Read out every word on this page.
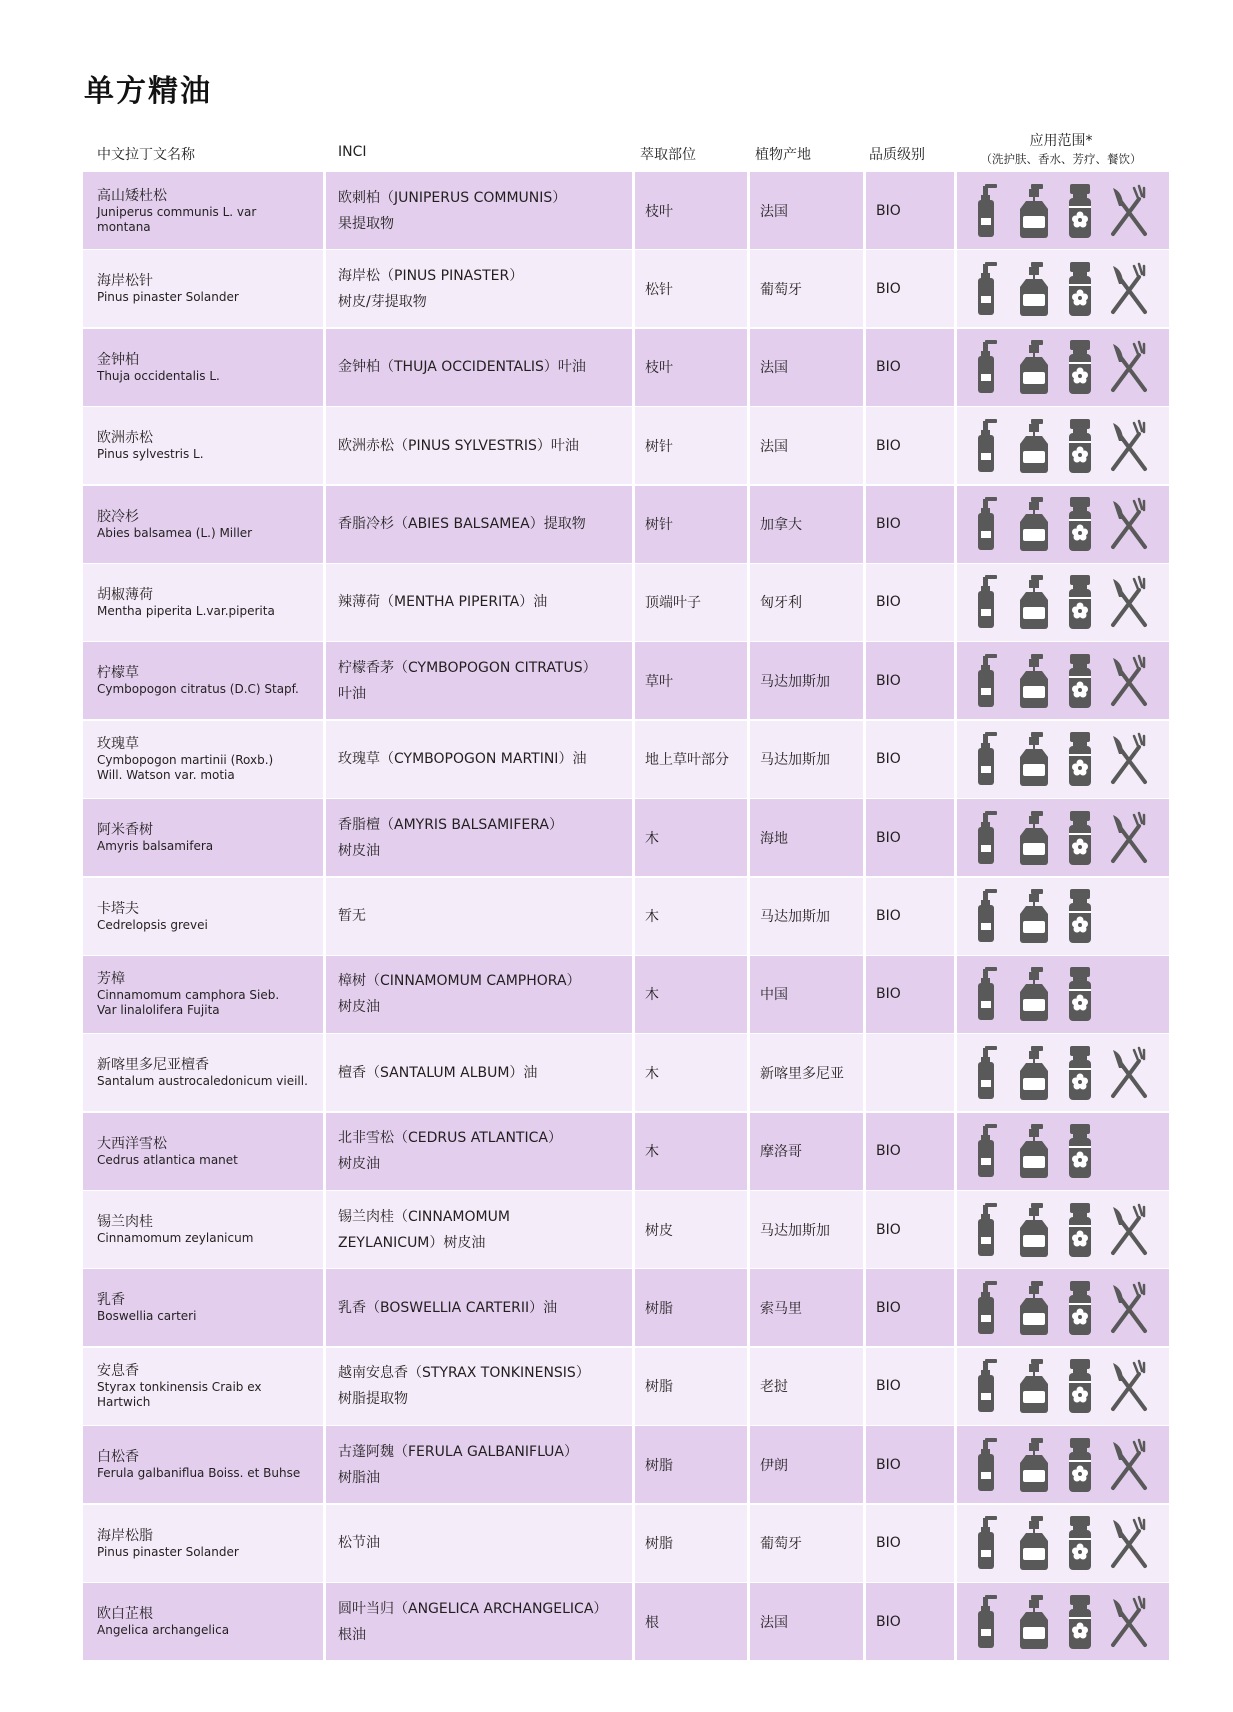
单方精油
中文拉丁文名称	INCI	萃取部位	植物产地	品质级别
应用范围*
（洗护肤、香水、芳疗、餐饮）
高山矮杜松
Juniperus communis L. var
montana
欧刺柏（JUNIPERUS COMMUNIS）
果提取物
枝叶	法国	BIO
海岸松针
Pinus pinaster Solander
海岸松（PINUS PINASTER）
树皮/芽提取物
松针	葡萄牙	BIO
金钟柏
Thuja occidentalis L.
金钟柏（THUJA OCCIDENTALIS）叶油	枝叶	法国	BIO
欧洲赤松
Pinus sylvestris L.
欧洲赤松（PINUS SYLVESTRIS）叶油	树针	法国	BIO
胶冷杉
Abies balsamea (L.) Miller
香脂冷杉（ABIES BALSAMEA）提取物	树针	加拿大	BIO
胡椒薄荷
Mentha piperita L.var.piperita
辣薄荷（MENTHA PIPERITA）油	顶端叶子	匈牙利	BIO
柠檬草
Cymbopogon citratus (D.C) Stapf.
柠檬香茅（CYMBOPOGON CITRATUS）
叶油
草叶	马达加斯加	BIO
玫瑰草
Cymbopogon martinii (Roxb.)
Will. Watson var. motia
玫瑰草（CYMBOPOGON MARTINI）油	地上草叶部分	马达加斯加	BIO
阿米香树
Amyris balsamifera
香脂檀（AMYRIS BALSAMIFERA）
树皮油
木	海地	BIO
卡塔夫
Cedrelopsis grevei
暂无	木	马达加斯加	BIO
芳樟
Cinnamomum camphora Sieb.
Var linalolifera Fujita
樟树（CINNAMOMUM CAMPHORA）
树皮油
木	中国	BIO
新喀里多尼亚檀香
Santalum austrocaledonicum vieill.
檀香（SANTALUM ALBUM）油	木	新喀里多尼亚
大西洋雪松
Cedrus atlantica manet
北非雪松（CEDRUS ATLANTICA）
树皮油
木	摩洛哥	BIO
锡兰肉桂
Cinnamomum zeylanicum
锡兰肉桂（CINNAMOMUM
ZEYLANICUM）树皮油
树皮	马达加斯加	BIO
乳香
Boswellia carteri
乳香（BOSWELLIA CARTERII）油	树脂	索马里	BIO
安息香
Styrax tonkinensis Craib ex
Hartwich
越南安息香（STYRAX TONKINENSIS）
树脂提取物
树脂	老挝	BIO
白松香
Ferula galbaniflua Boiss. et Buhse
古蓬阿魏（FERULA GALBANIFLUA）
树脂油
树脂	伊朗	BIO
海岸松脂
Pinus pinaster Solander
松节油	树脂	葡萄牙	BIO
欧白芷根
Angelica archangelica
圆叶当归（ANGELICA ARCHANGELICA）
根油
根	法国	BIO
